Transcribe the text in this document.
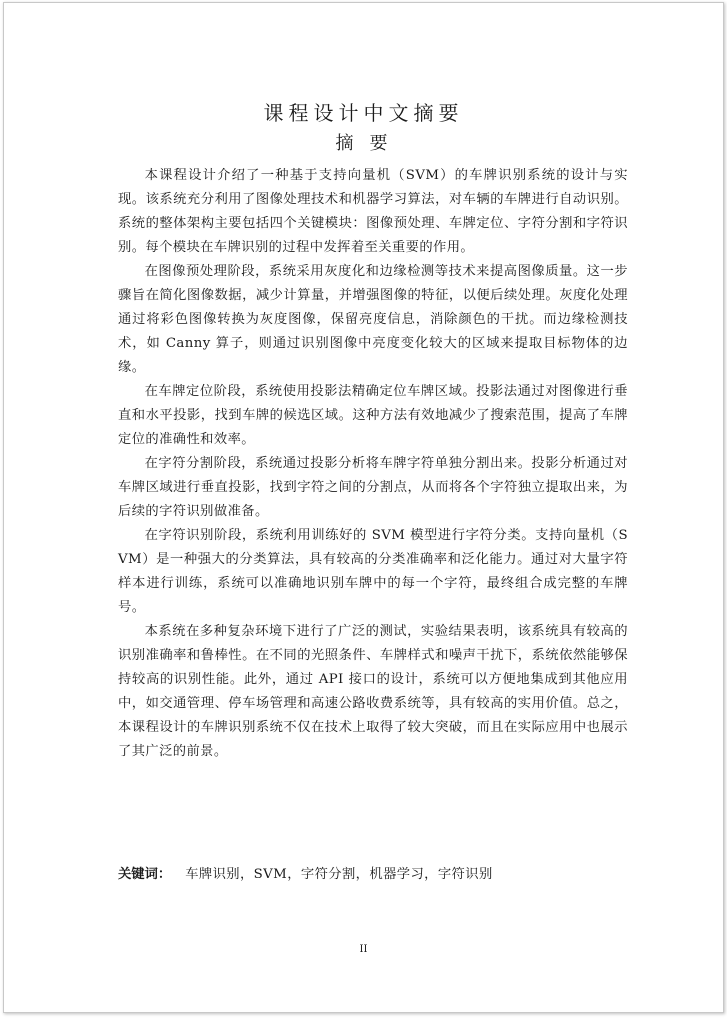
课程设计中文摘要
摘要

本课程设计介绍了一种基于支持向量机（SVM）的车牌识别系统的设计与实现。该系统充分利用了图像处理技术和机器学习算法，对车辆的车牌进行自动识别。系统的整体架构主要包括四个关键模块：图像预处理、车牌定位、字符分割和字符识别。每个模块在车牌识别的过程中发挥着至关重要的作用。

在图像预处理阶段，系统采用灰度化和边缘检测等技术来提高图像质量。这一步骤旨在简化图像数据，减少计算量，并增强图像的特征，以便后续处理。灰度化处理通过将彩色图像转换为灰度图像，保留亮度信息，消除颜色的干扰。而边缘检测技术，如 Canny 算子，则通过识别图像中亮度变化较大的区域来提取目标物体的边缘。

在车牌定位阶段，系统使用投影法精确定位车牌区域。投影法通过对图像进行垂直和水平投影，找到车牌的候选区域。这种方法有效地减少了搜索范围，提高了车牌定位的准确性和效率。

在字符分割阶段，系统通过投影分析将车牌字符单独分割出来。投影分析通过对车牌区域进行垂直投影，找到字符之间的分割点，从而将各个字符独立提取出来，为后续的字符识别做准备。

在字符识别阶段，系统利用训练好的 SVM 模型进行字符分类。支持向量机（SVM）是一种强大的分类算法，具有较高的分类准确率和泛化能力。通过对大量字符样本进行训练，系统可以准确地识别车牌中的每一个字符，最终组合成完整的车牌号。

本系统在多种复杂环境下进行了广泛的测试，实验结果表明，该系统具有较高的识别准确率和鲁棒性。在不同的光照条件、车牌样式和噪声干扰下，系统依然能够保持较高的识别性能。此外，通过 API 接口的设计，系统可以方便地集成到其他应用中，如交通管理、停车场管理和高速公路收费系统等，具有较高的实用价值。总之，本课程设计的车牌识别系统不仅在技术上取得了较大突破，而且在实际应用中也展示了其广泛的前景。

关键词： 车牌识别，SVM，字符分割，机器学习，字符识别
II
